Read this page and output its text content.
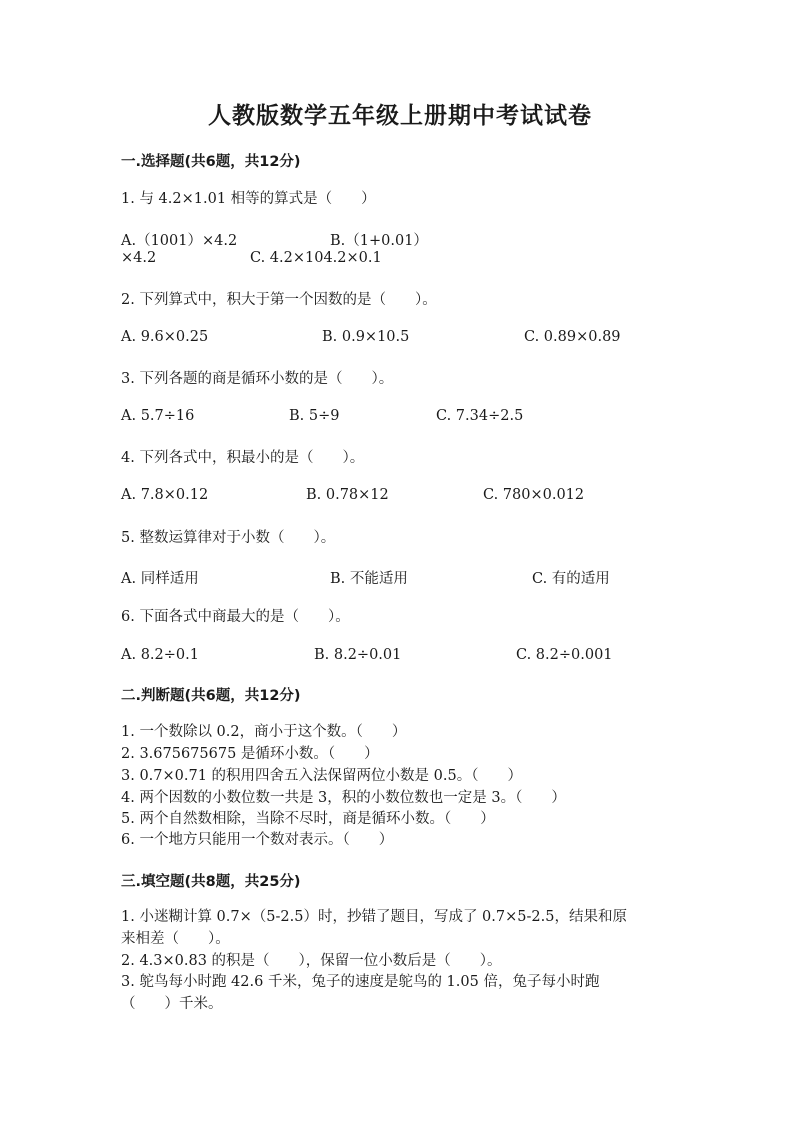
人教版数学五年级上册期中考试试卷
一.选择题(共6题，共12分)
1. 与 4.2×1.01 相等的算式是（　　）
A.（1001）×4.2	B.（1+0.01）
×4.2	C. 4.2×104.2×0.1
2. 下列算式中，积大于第一个因数的是（　　）。
A. 9.6×0.25	B. 0.9×10.5	C. 0.89×0.89
3. 下列各题的商是循环小数的是（　　）。
A. 5.7÷16	B. 5÷9	C. 7.34÷2.5
4. 下列各式中，积最小的是（　　）。
A. 7.8×0.12	B. 0.78×12	C. 780×0.012
5. 整数运算律对于小数（　　）。
A. 同样适用	B. 不能适用	C. 有的适用
6. 下面各式中商最大的是（　　）。
A. 8.2÷0.1	B. 8.2÷0.01	C. 8.2÷0.001
二.判断题(共6题，共12分)
1. 一个数除以 0.2，商小于这个数。（　　）
2. 3.675675675 是循环小数。（　　）
3. 0.7×0.71 的积用四舍五入法保留两位小数是 0.5。（　　）
4. 两个因数的小数位数一共是 3，积的小数位数也一定是 3。（　　）
5. 两个自然数相除，当除不尽时，商是循环小数。（　　）
6. 一个地方只能用一个数对表示。（　　）
三.填空题(共8题，共25分)
1. 小迷糊计算 0.7×（5-2.5）时，抄错了题目，写成了 0.7×5-2.5，结果和原
来相差（　　）。
2. 4.3×0.83 的积是（　　），保留一位小数后是（　　）。
3. 鸵鸟每小时跑 42.6 千米，兔子的速度是鸵鸟的 1.05 倍，兔子每小时跑
（　　）千米。
